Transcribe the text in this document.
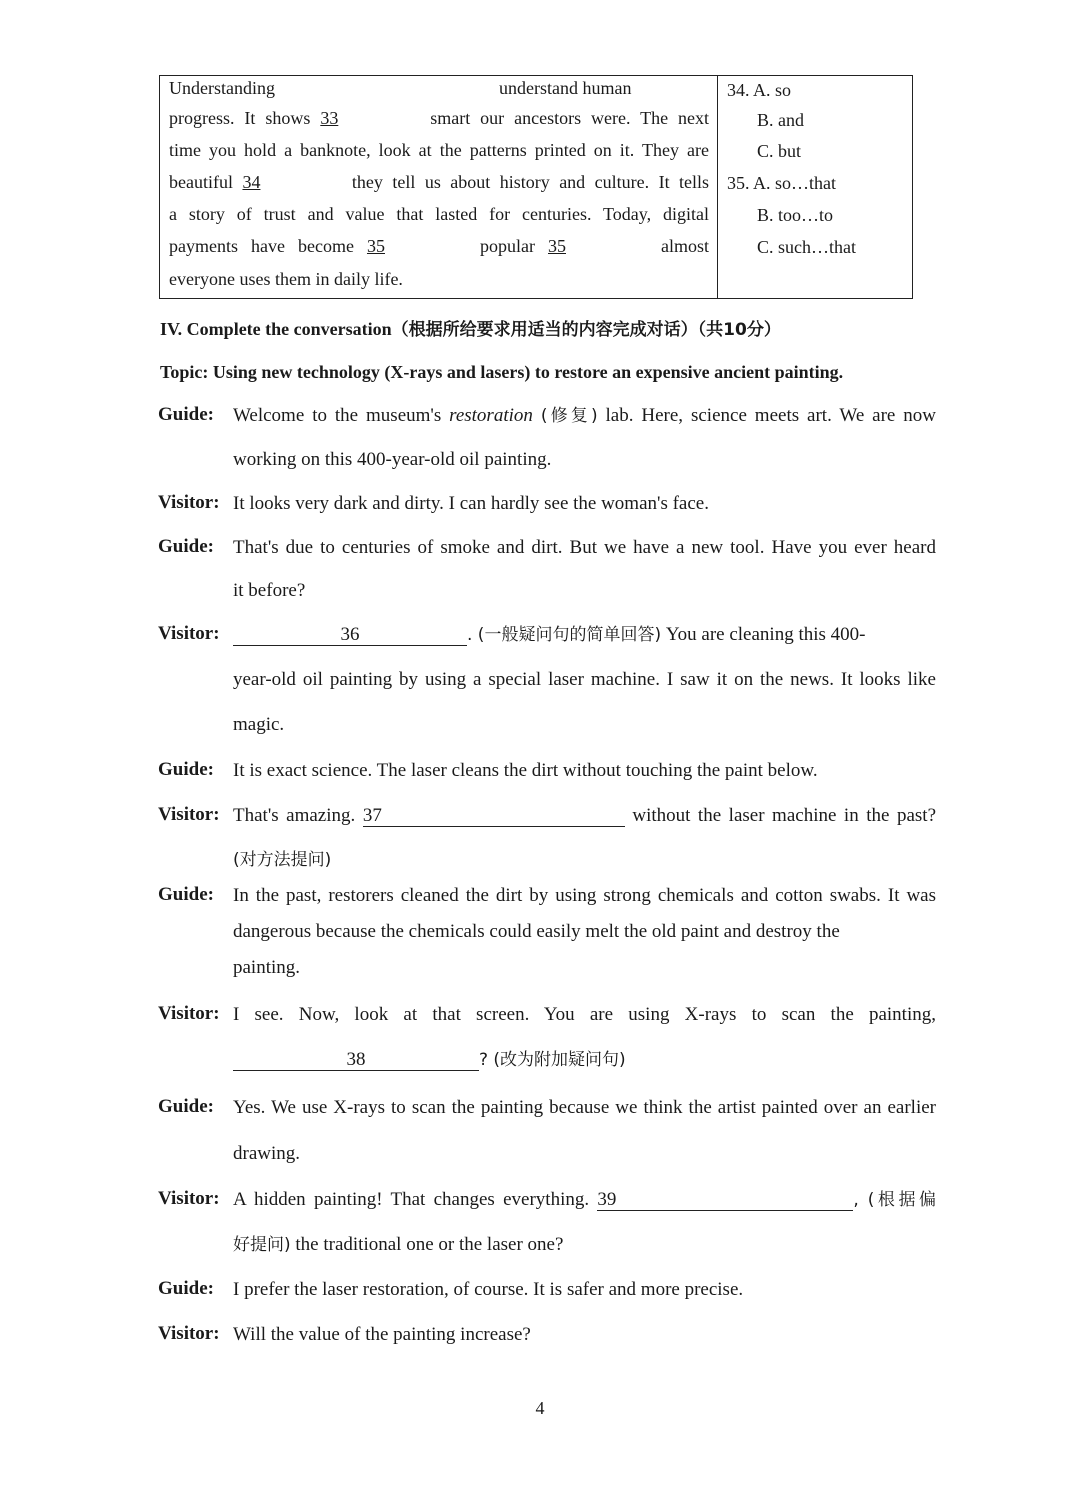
Understanding	understand human
progress. It shows 33	smart our ancestors were. The next
time you hold a banknote, look at the patterns printed on it. They are
beautiful 34	they tell us about history and culture. It tells
a story of trust and value that lasted for centuries. Today, digital
payments have become 35	popular 35	almost
everyone uses them in daily life.
34. A. so
B. and
C. but
35. A. so…that
B. too…to
C. such…that
IV. Complete the conversation（根据所给要求用适当的内容完成对话）（共10分）
Topic: Using new technology (X-rays and lasers) to restore an expensive ancient painting.
Guide: Welcome to the museum's restoration (修复) lab. Here, science meets art. We are now
working on this 400-year-old oil painting.
Visitor: It looks very dark and dirty. I can hardly see the woman's face.
Guide: That's due to centuries of smoke and dirt. But we have a new tool. Have you ever heard
it before?
Visitor:	36	. (一般疑问句的简单回答) You are cleaning this 400-
year-old oil painting by using a special laser machine. I saw it on the news. It looks like
magic.
Guide: It is exact science. The laser cleans the dirt without touching the paint below.
Visitor: That's amazing. 37	without the laser machine in the past?
(对方法提问)
Guide: In the past, restorers cleaned the dirt by using strong chemicals and cotton swabs. It was
dangerous because the chemicals could easily melt the old paint and destroy the
painting.
Visitor: I see. Now, look at that screen. You are using X-rays to scan the painting,
38	? (改为附加疑问句)
Guide: Yes. We use X-rays to scan the painting because we think the artist painted over an earlier
drawing.
Visitor: A hidden painting! That changes everything. 39	, (根据偏
好提问) the traditional one or the laser one?
Guide: I prefer the laser restoration, of course. It is safer and more precise.
Visitor: Will the value of the painting increase?
4
